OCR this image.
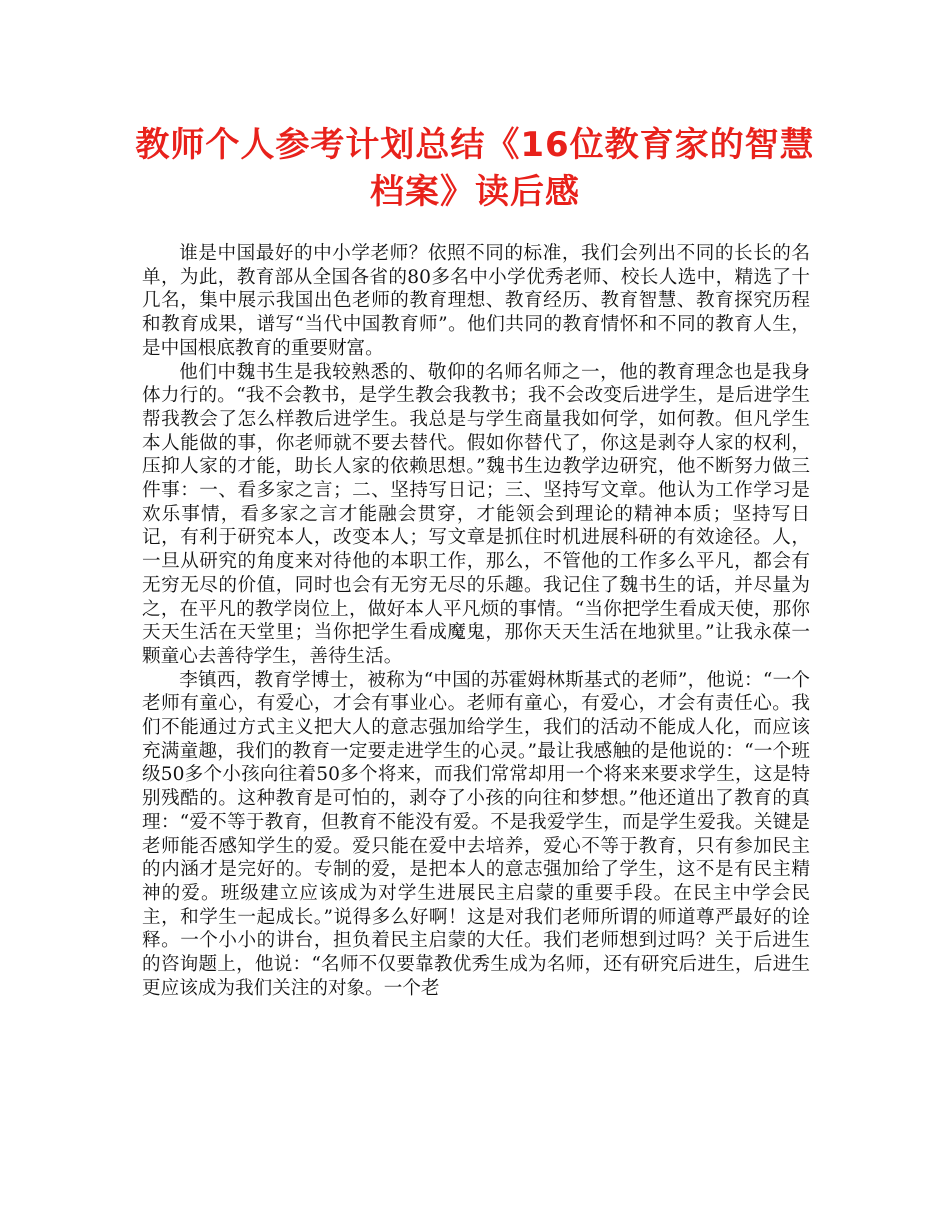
教师个人参考计划总结《16位教育家的智慧档案》读后感

谁是中国最好的中小学老师？依照不同的标准，我们会列出不同的长长的名单，为此，教育部从全国各省的80多名中小学优秀老师、校长人选中，精选了十几名，集中展示我国出色老师的教育理想、教育经历、教育智慧、教育探究历程和教育成果，谱写“当代中国教育师”。他们共同的教育情怀和不同的教育人生，是中国根底教育的重要财富。

他们中魏书生是我较熟悉的、敬仰的名师名师之一，他的教育理念也是我身体力行的。“我不会教书，是学生教会我教书；我不会改变后进学生，是后进学生帮我教会了怎么样教后进学生。我总是与学生商量我如何学，如何教。但凡学生本人能做的事，你老师就不要去替代。假如你替代了，你这是剥夺人家的权利，压抑人家的才能，助长人家的依赖思想。”魏书生边教学边研究，他不断努力做三件事：一、看多家之言；二、坚持写日记；三、坚持写文章。他认为工作学习是欢乐事情，看多家之言才能融会贯穿，才能领会到理论的精神本质；坚持写日记，有利于研究本人，改变本人；写文章是抓住时机进展科研的有效途径。人，一旦从研究的角度来对待他的本职工作，那么，不管他的工作多么平凡，都会有无穷无尽的价值，同时也会有无穷无尽的乐趣。我记住了魏书生的话，并尽量为之，在平凡的教学岗位上，做好本人平凡烦的事情。“当你把学生看成天使，那你天天生活在天堂里；当你把学生看成魔鬼，那你天天生活在地狱里。”让我永葆一颗童心去善待学生，善待生活。

李镇西，教育学博士，被称为“中国的苏霍姆林斯基式的老师”，他说：“一个老师有童心，有爱心，才会有事业心。老师有童心，有爱心，才会有责任心。我们不能通过方式主义把大人的意志强加给学生，我们的活动不能成人化，而应该充满童趣，我们的教育一定要走进学生的心灵。”最让我感触的是他说的：“一个班级50多个小孩向往着50多个将来，而我们常常却用一个将来来要求学生，这是特别残酷的。这种教育是可怕的，剥夺了小孩的向往和梦想。”他还道出了教育的真理：“爱不等于教育，但教育不能没有爱。不是我爱学生，而是学生爱我。关键是老师能否感知学生的爱。爱只能在爱中去培养，爱心不等于教育，只有参加民主的内涵才是完好的。专制的爱，是把本人的意志强加给了学生，这不是有民主精神的爱。班级建立应该成为对学生进展民主启蒙的重要手段。在民主中学会民主，和学生一起成长。”说得多么好啊！这是对我们老师所谓的师道尊严最好的诠释。一个小小的讲台，担负着民主启蒙的大任。我们老师想到过吗？关于后进生的咨询题上，他说：“名师不仅要靠教优秀生成为名师，还有研究后进生，后进生更应该成为我们关注的对象。一个老
